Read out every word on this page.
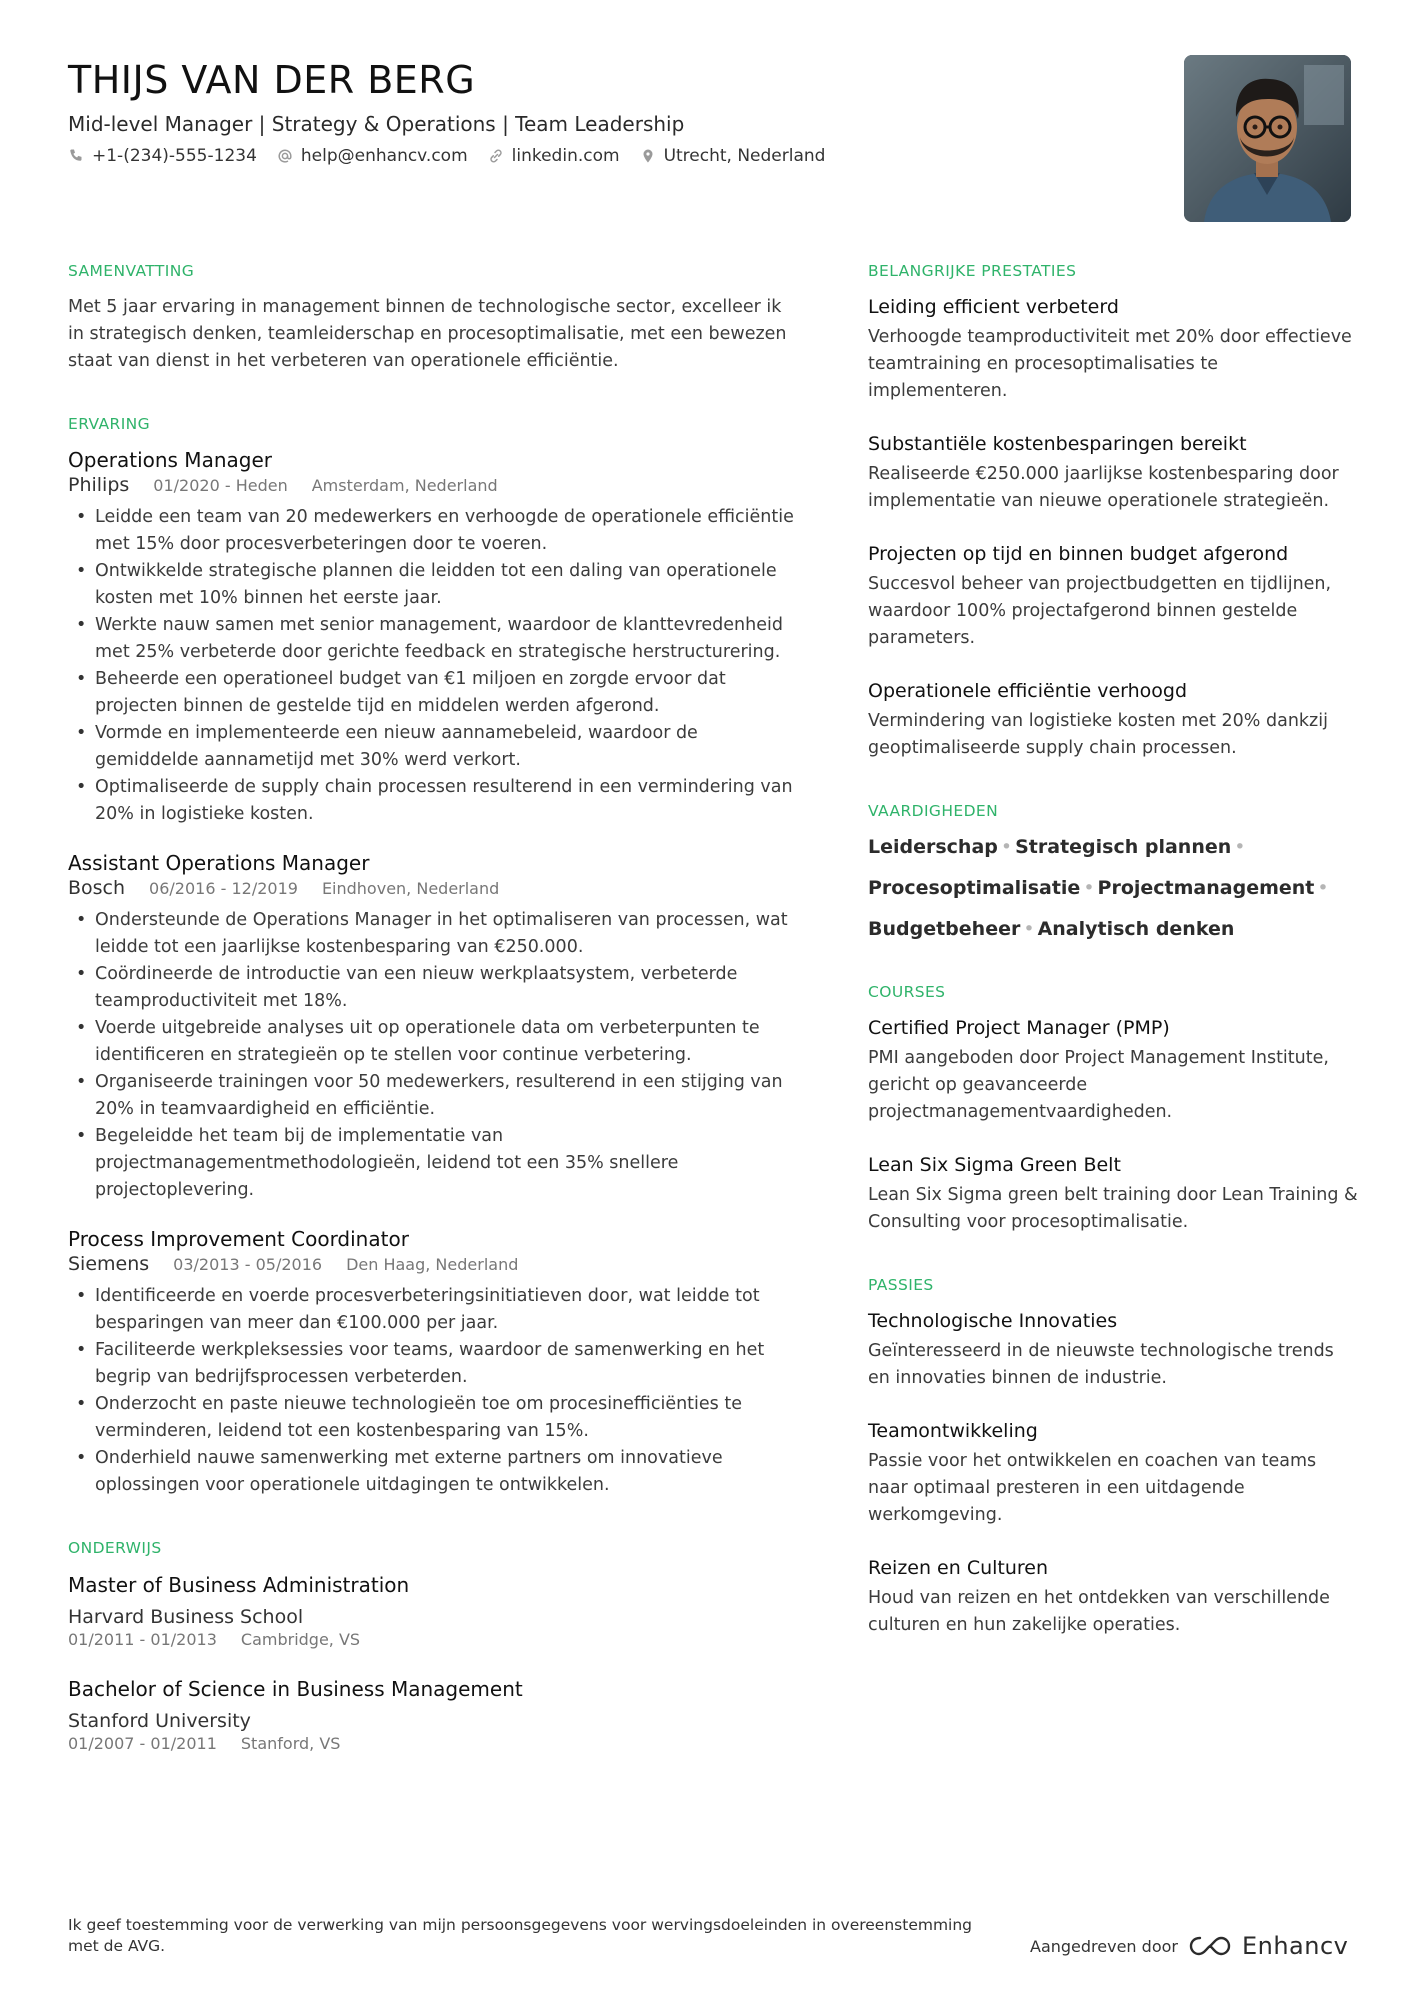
THIJS VAN DER BERG
Mid-level Manager | Strategy & Operations | Team Leadership
+1-(234)-555-1234	help@enhancv.com	linkedin.com	Utrecht, Nederland
SAMENVATTING
Met 5 jaar ervaring in management binnen de technologische sector, excelleer ik in strategisch denken, teamleiderschap en procesoptimalisatie, met een bewezen staat van dienst in het verbeteren van operationele efficiëntie.
ERVARING
Operations Manager
Philips 01/2020 - Heden Amsterdam, Nederland
• Leidde een team van 20 medewerkers en verhoogde de operationele efficiëntie met 15% door procesverbeteringen door te voeren.
• Ontwikkelde strategische plannen die leidden tot een daling van operationele kosten met 10% binnen het eerste jaar.
• Werkte nauw samen met senior management, waardoor de klanttevredenheid met 25% verbeterde door gerichte feedback en strategische herstructurering.
• Beheerde een operationeel budget van €1 miljoen en zorgde ervoor dat projecten binnen de gestelde tijd en middelen werden afgerond.
• Vormde en implementeerde een nieuw aannamebeleid, waardoor de gemiddelde aannametijd met 30% werd verkort.
• Optimaliseerde de supply chain processen resulterend in een vermindering van 20% in logistieke kosten.
Assistant Operations Manager
Bosch 06/2016 - 12/2019 Eindhoven, Nederland
• Ondersteunde de Operations Manager in het optimaliseren van processen, wat leidde tot een jaarlijkse kostenbesparing van €250.000.
• Coördineerde de introductie van een nieuw werkplaatsystem, verbeterde teamproductiviteit met 18%.
• Voerde uitgebreide analyses uit op operationele data om verbeterpunten te identificeren en strategieën op te stellen voor continue verbetering.
• Organiseerde trainingen voor 50 medewerkers, resulterend in een stijging van 20% in teamvaardigheid en efficiëntie.
• Begeleidde het team bij de implementatie van projectmanagementmethodologieën, leidend tot een 35% snellere projectoplevering.
Process Improvement Coordinator
Siemens 03/2013 - 05/2016 Den Haag, Nederland
• Identificeerde en voerde procesverbeteringsinitiatieven door, wat leidde tot besparingen van meer dan €100.000 per jaar.
• Faciliteerde werkpleksessies voor teams, waardoor de samenwerking en het begrip van bedrijfsprocessen verbeterden.
• Onderzocht en paste nieuwe technologieën toe om procesinefficiënties te verminderen, leidend tot een kostenbesparing van 15%.
• Onderhield nauwe samenwerking met externe partners om innovatieve oplossingen voor operationele uitdagingen te ontwikkelen.
ONDERWIJS
Master of Business Administration
Harvard Business School
01/2011 - 01/2013 Cambridge, VS
Bachelor of Science in Business Management
Stanford University
01/2007 - 01/2011 Stanford, VS
BELANGRIJKE PRESTATIES
Leiding efficient verbeterd
Verhoogde teamproductiviteit met 20% door effectieve teamtraining en procesoptimalisaties te implementeren.
Substantiële kostenbesparingen bereikt
Realiseerde €250.000 jaarlijkse kostenbesparing door implementatie van nieuwe operationele strategieën.
Projecten op tijd en binnen budget afgerond
Succesvol beheer van projectbudgetten en tijdlijnen, waardoor 100% projectafgerond binnen gestelde parameters.
Operationele efficiëntie verhoogd
Vermindering van logistieke kosten met 20% dankzij geoptimaliseerde supply chain processen.
VAARDIGHEDEN
Leiderschap • Strategisch plannen •
Procesoptimalisatie • Projectmanagement •
Budgetbeheer • Analytisch denken
COURSES
Certified Project Manager (PMP)
PMI aangeboden door Project Management Institute, gericht op geavanceerde projectmanagementvaardigheden.
Lean Six Sigma Green Belt
Lean Six Sigma green belt training door Lean Training & Consulting voor procesoptimalisatie.
PASSIES
Technologische Innovaties
Geïnteresseerd in de nieuwste technologische trends en innovaties binnen de industrie.
Teamontwikkeling
Passie voor het ontwikkelen en coachen van teams naar optimaal presteren in een uitdagende werkomgeving.
Reizen en Culturen
Houd van reizen en het ontdekken van verschillende culturen en hun zakelijke operaties.
Ik geef toestemming voor de verwerking van mijn persoonsgegevens voor wervingsdoeleinden in overeenstemming met de AVG.	Aangedreven door	Enhancv
